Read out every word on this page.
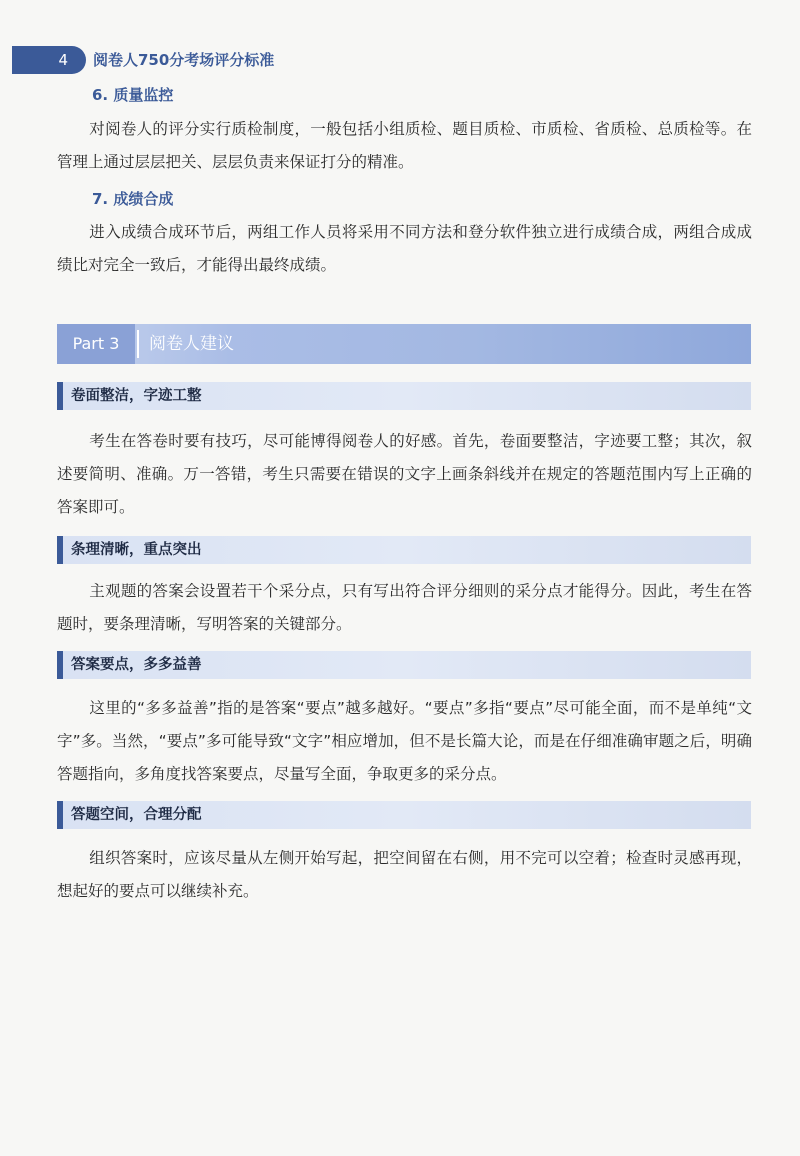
4	阅卷人750分考场评分标准
6. 质量监控
对阅卷人的评分实行质检制度，一般包括小组质检、题目质检、市质检、省质检、总质检等。在管理上通过层层把关、层层负责来保证打分的精准。
7. 成绩合成
进入成绩合成环节后，两组工作人员将采用不同方法和登分软件独立进行成绩合成，两组合成成绩比对完全一致后，才能得出最终成绩。
Part 3	阅卷人建议
卷面整洁，字迹工整
考生在答卷时要有技巧，尽可能博得阅卷人的好感。首先，卷面要整洁，字迹要工整；其次，叙述要简明、准确。万一答错，考生只需要在错误的文字上画条斜线并在规定的答题范围内写上正确的答案即可。
条理清晰，重点突出
主观题的答案会设置若干个采分点，只有写出符合评分细则的采分点才能得分。因此，考生在答题时，要条理清晰，写明答案的关键部分。
答案要点，多多益善
这里的“多多益善”指的是答案“要点”越多越好。“要点”多指“要点”尽可能全面，而不是单纯“文字”多。当然，“要点”多可能导致“文字”相应增加，但不是长篇大论，而是在仔细准确审题之后，明确答题指向，多角度找答案要点，尽量写全面，争取更多的采分点。
答题空间，合理分配
组织答案时，应该尽量从左侧开始写起，把空间留在右侧，用不完可以空着；检查时灵感再现，想起好的要点可以继续补充。
